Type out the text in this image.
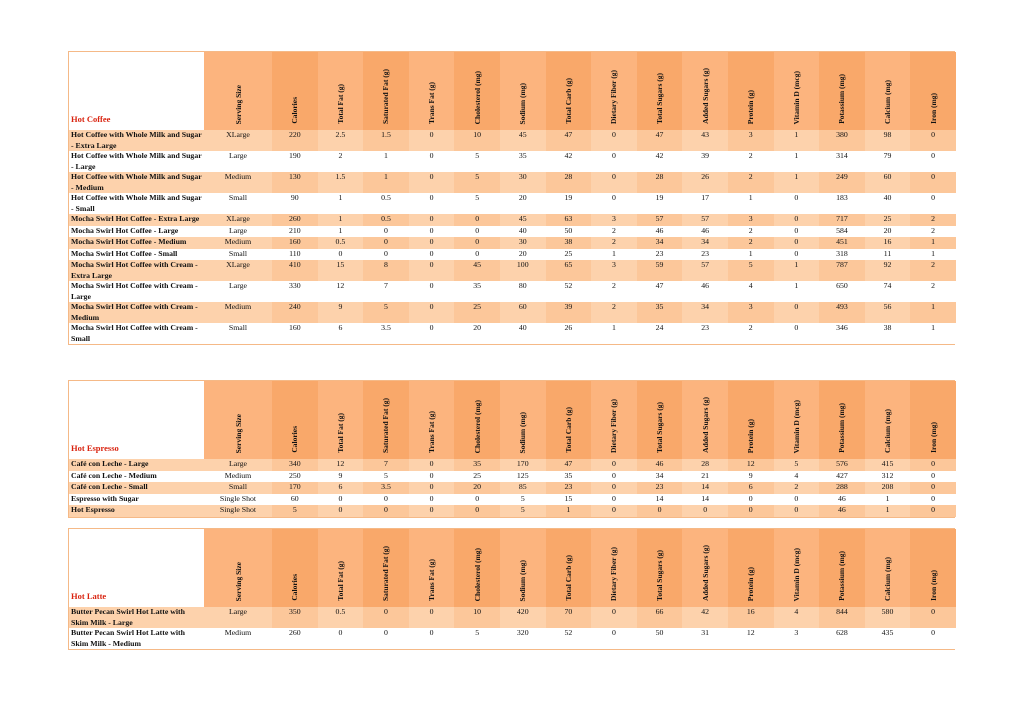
Hot Coffee	Serving Size	Calories	Total Fat (g)	Saturated Fat (g)	Trans Fat (g)	Cholesterol (mg)	Sodium (mg)	Total Carb (g)	Dietary Fiber (g)	Total Sugars (g)	Added Sugars (g)	Protein (g)	Vitamin D (mcg)	Potassium (mg)	Calcium (mg)	Iron (mg)
Hot Coffee with Whole Milk and Sugar - Extra Large	XLarge	220	2.5	1.5	0	10	45	47	0	47	43	3	1	380	98	0
Hot Coffee with Whole Milk and Sugar - Large	Large	190	2	1	0	5	35	42	0	42	39	2	1	314	79	0
Hot Coffee with Whole Milk and Sugar - Medium	Medium	130	1.5	1	0	5	30	28	0	28	26	2	1	249	60	0
Hot Coffee with Whole Milk and Sugar - Small	Small	90	1	0.5	0	5	20	19	0	19	17	1	0	183	40	0
Mocha Swirl Hot Coffee - Extra Large	XLarge	260	1	0.5	0	0	45	63	3	57	57	3	0	717	25	2
Mocha Swirl Hot Coffee - Large	Large	210	1	0	0	0	40	50	2	46	46	2	0	584	20	2
Mocha Swirl Hot Coffee - Medium	Medium	160	0.5	0	0	0	30	38	2	34	34	2	0	451	16	1
Mocha Swirl Hot Coffee - Small	Small	110	0	0	0	0	20	25	1	23	23	1	0	318	11	1
Mocha Swirl Hot Coffee with Cream - Extra Large	XLarge	410	15	8	0	45	100	65	3	59	57	5	1	787	92	2
Mocha Swirl Hot Coffee with Cream - Large	Large	330	12	7	0	35	80	52	2	47	46	4	1	650	74	2
Mocha Swirl Hot Coffee with Cream - Medium	Medium	240	9	5	0	25	60	39	2	35	34	3	0	493	56	1
Mocha Swirl Hot Coffee with Cream - Small	Small	160	6	3.5	0	20	40	26	1	24	23	2	0	346	38	1
Hot Espresso	Serving Size	Calories	Total Fat (g)	Saturated Fat (g)	Trans Fat (g)	Cholesterol (mg)	Sodium (mg)	Total Carb (g)	Dietary Fiber (g)	Total Sugars (g)	Added Sugars (g)	Protein (g)	Vitamin D (mcg)	Potassium (mg)	Calcium (mg)	Iron (mg)
Café con Leche - Large	Large	340	12	7	0	35	170	47	0	46	28	12	5	576	415	0
Café con Leche - Medium	Medium	250	9	5	0	25	125	35	0	34	21	9	4	427	312	0
Café con Leche - Small	Small	170	6	3.5	0	20	85	23	0	23	14	6	2	288	208	0
Espresso with Sugar	Single Shot	60	0	0	0	0	5	15	0	14	14	0	0	46	1	0
Hot Espresso	Single Shot	5	0	0	0	0	5	1	0	0	0	0	0	46	1	0
Hot Latte	Serving Size	Calories	Total Fat (g)	Saturated Fat (g)	Trans Fat (g)	Cholesterol (mg)	Sodium (mg)	Total Carb (g)	Dietary Fiber (g)	Total Sugars (g)	Added Sugars (g)	Protein (g)	Vitamin D (mcg)	Potassium (mg)	Calcium (mg)	Iron (mg)
Butter Pecan Swirl Hot Latte with Skim Milk - Large	Large	350	0.5	0	0	10	420	70	0	66	42	16	4	844	580	0
Butter Pecan Swirl Hot Latte with Skim Milk - Medium	Medium	260	0	0	0	5	320	52	0	50	31	12	3	628	435	0
